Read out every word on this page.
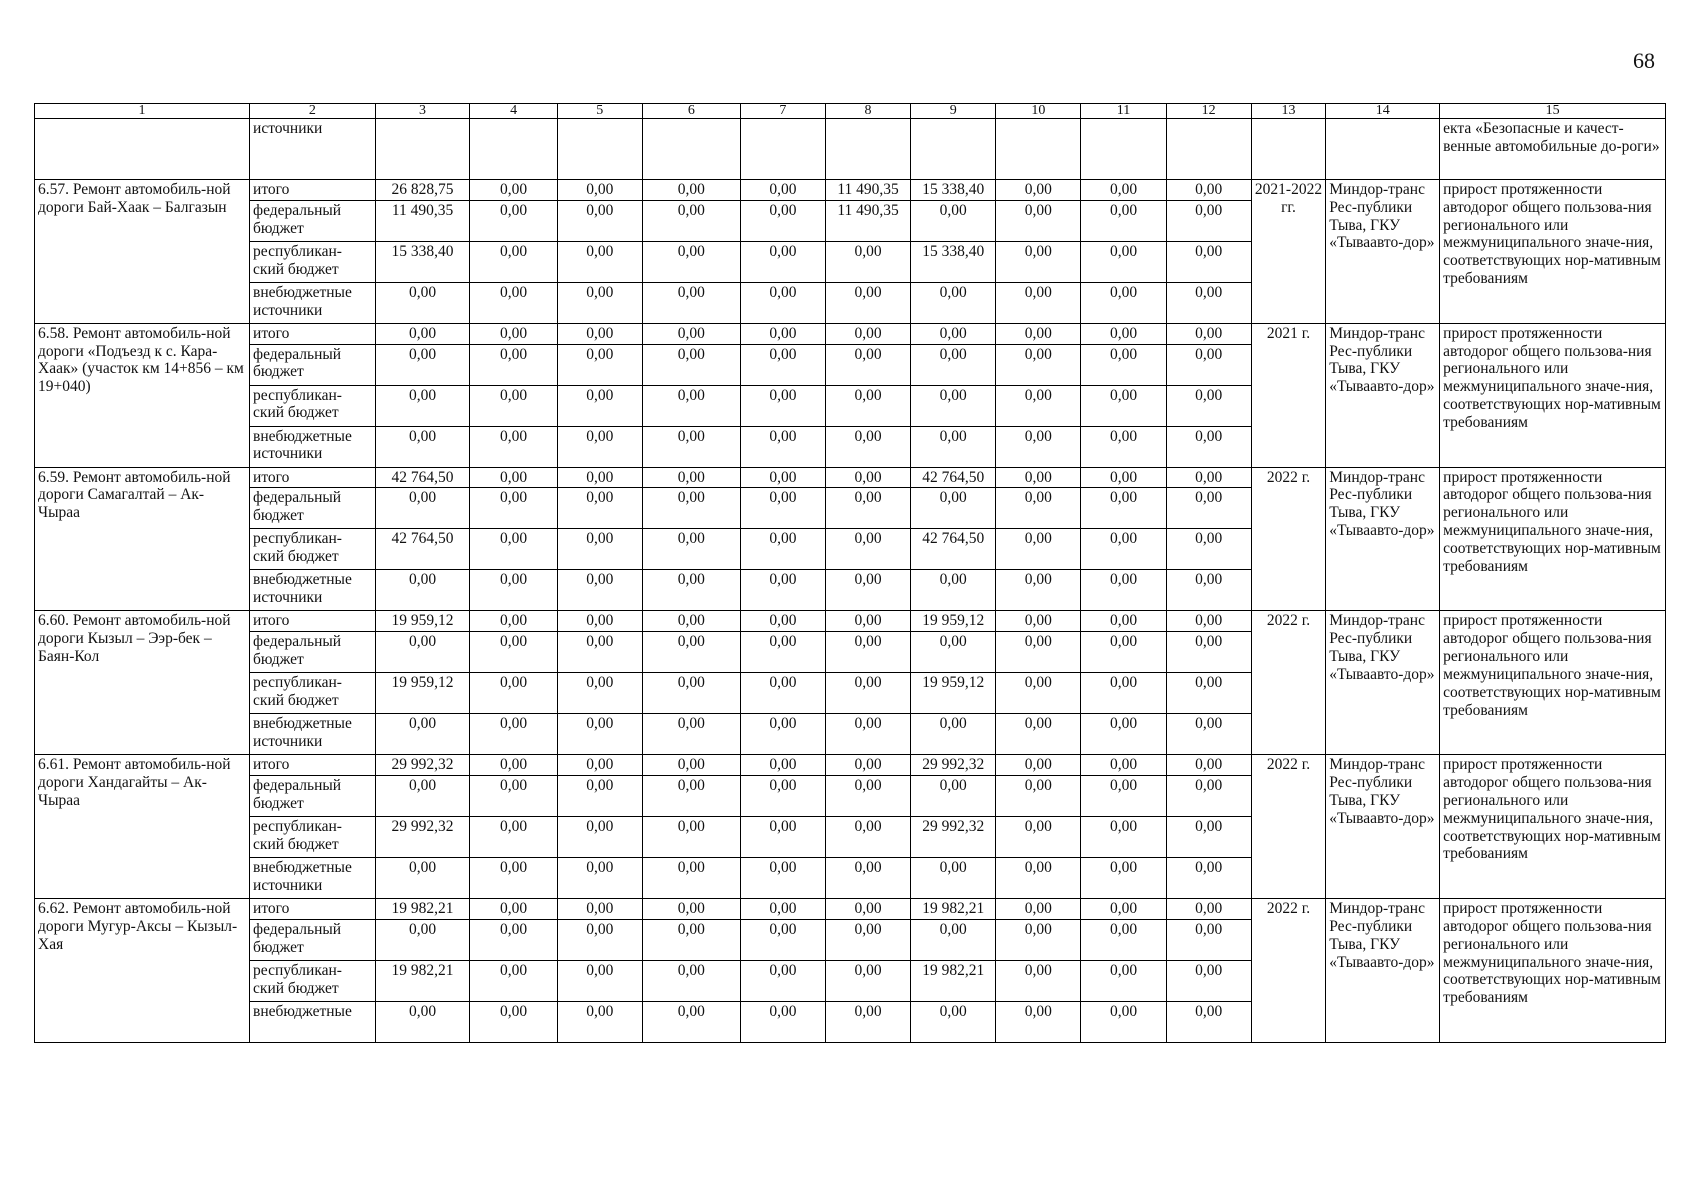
68
1	2	3	4	5	6	7	8	9	10	11	12	13	14	15
	источники													екта «Безопасные и качест-венные автомобильные до-роги»
6.57. Ремонт автомобиль-ной дороги Бай-Хаак – Балгазын	итого	26 828,75	0,00	0,00	0,00	0,00	11 490,35	15 338,40	0,00	0,00	0,00	2021-2022 гг.	Миндор-транс Рес-публики Тыва, ГКУ «Тываавто-дор»	прирост протяженности автодорог общего пользова-ния регионального или межмуниципального значе-ния, соответствующих нор-мативным требованиям
	федеральный бюджет	11 490,35	0,00	0,00	0,00	0,00	11 490,35	0,00	0,00	0,00	0,00			
	республикан-ский бюджет	15 338,40	0,00	0,00	0,00	0,00	0,00	15 338,40	0,00	0,00	0,00			
	внебюджетные источники	0,00	0,00	0,00	0,00	0,00	0,00	0,00	0,00	0,00	0,00			
6.58. Ремонт автомобиль-ной дороги «Подъезд к с. Кара-Хаак» (участок км 14+856 – км 19+040)	итого	0,00	0,00	0,00	0,00	0,00	0,00	0,00	0,00	0,00	0,00	2021 г.	Миндор-транс Рес-публики Тыва, ГКУ «Тываавто-дор»	прирост протяженности автодорог общего пользова-ния регионального или межмуниципального значе-ния, соответствующих нор-мативным требованиям
	федеральный бюджет	0,00	0,00	0,00	0,00	0,00	0,00	0,00	0,00	0,00	0,00			
	республикан-ский бюджет	0,00	0,00	0,00	0,00	0,00	0,00	0,00	0,00	0,00	0,00			
	внебюджетные источники	0,00	0,00	0,00	0,00	0,00	0,00	0,00	0,00	0,00	0,00			
6.59. Ремонт автомобиль-ной дороги Самагалтай – Ак-Чыраа	итого	42 764,50	0,00	0,00	0,00	0,00	0,00	42 764,50	0,00	0,00	0,00	2022 г.	Миндор-транс Рес-публики Тыва, ГКУ «Тываавто-дор»	прирост протяженности автодорог общего пользова-ния регионального или межмуниципального значе-ния, соответствующих нор-мативным требованиям
	федеральный бюджет	0,00	0,00	0,00	0,00	0,00	0,00	0,00	0,00	0,00	0,00			
	республикан-ский бюджет	42 764,50	0,00	0,00	0,00	0,00	0,00	42 764,50	0,00	0,00	0,00			
	внебюджетные источники	0,00	0,00	0,00	0,00	0,00	0,00	0,00	0,00	0,00	0,00			
6.60. Ремонт автомобиль-ной дороги Кызыл – Ээр-бек – Баян-Кол	итого	19 959,12	0,00	0,00	0,00	0,00	0,00	19 959,12	0,00	0,00	0,00	2022 г.	Миндор-транс Рес-публики Тыва, ГКУ «Тываавто-дор»	прирост протяженности автодорог общего пользова-ния регионального или межмуниципального значе-ния, соответствующих нор-мативным требованиям
	федеральный бюджет	0,00	0,00	0,00	0,00	0,00	0,00	0,00	0,00	0,00	0,00			
	республикан-ский бюджет	19 959,12	0,00	0,00	0,00	0,00	0,00	19 959,12	0,00	0,00	0,00			
	внебюджетные источники	0,00	0,00	0,00	0,00	0,00	0,00	0,00	0,00	0,00	0,00			
6.61. Ремонт автомобиль-ной дороги Хандагайты – Ак-Чыраа	итого	29 992,32	0,00	0,00	0,00	0,00	0,00	29 992,32	0,00	0,00	0,00	2022 г.	Миндор-транс Рес-публики Тыва, ГКУ «Тываавто-дор»	прирост протяженности автодорог общего пользова-ния регионального или межмуниципального значе-ния, соответствующих нор-мативным требованиям
	федеральный бюджет	0,00	0,00	0,00	0,00	0,00	0,00	0,00	0,00	0,00	0,00			
	республикан-ский бюджет	29 992,32	0,00	0,00	0,00	0,00	0,00	29 992,32	0,00	0,00	0,00			
	внебюджетные источники	0,00	0,00	0,00	0,00	0,00	0,00	0,00	0,00	0,00	0,00			
6.62. Ремонт автомобиль-ной дороги Мугур-Аксы – Кызыл-Хая	итого	19 982,21	0,00	0,00	0,00	0,00	0,00	19 982,21	0,00	0,00	0,00	2022 г.	Миндор-транс Рес-публики Тыва, ГКУ «Тываавто-дор»	прирост протяженности автодорог общего пользова-ния регионального или межмуниципального значе-ния, соответствующих нор-мативным требованиям
	федеральный бюджет	0,00	0,00	0,00	0,00	0,00	0,00	0,00	0,00	0,00	0,00			
	республикан-ский бюджет	19 982,21	0,00	0,00	0,00	0,00	0,00	19 982,21	0,00	0,00	0,00			
	внебюджетные	0,00	0,00	0,00	0,00	0,00	0,00	0,00	0,00	0,00	0,00			
